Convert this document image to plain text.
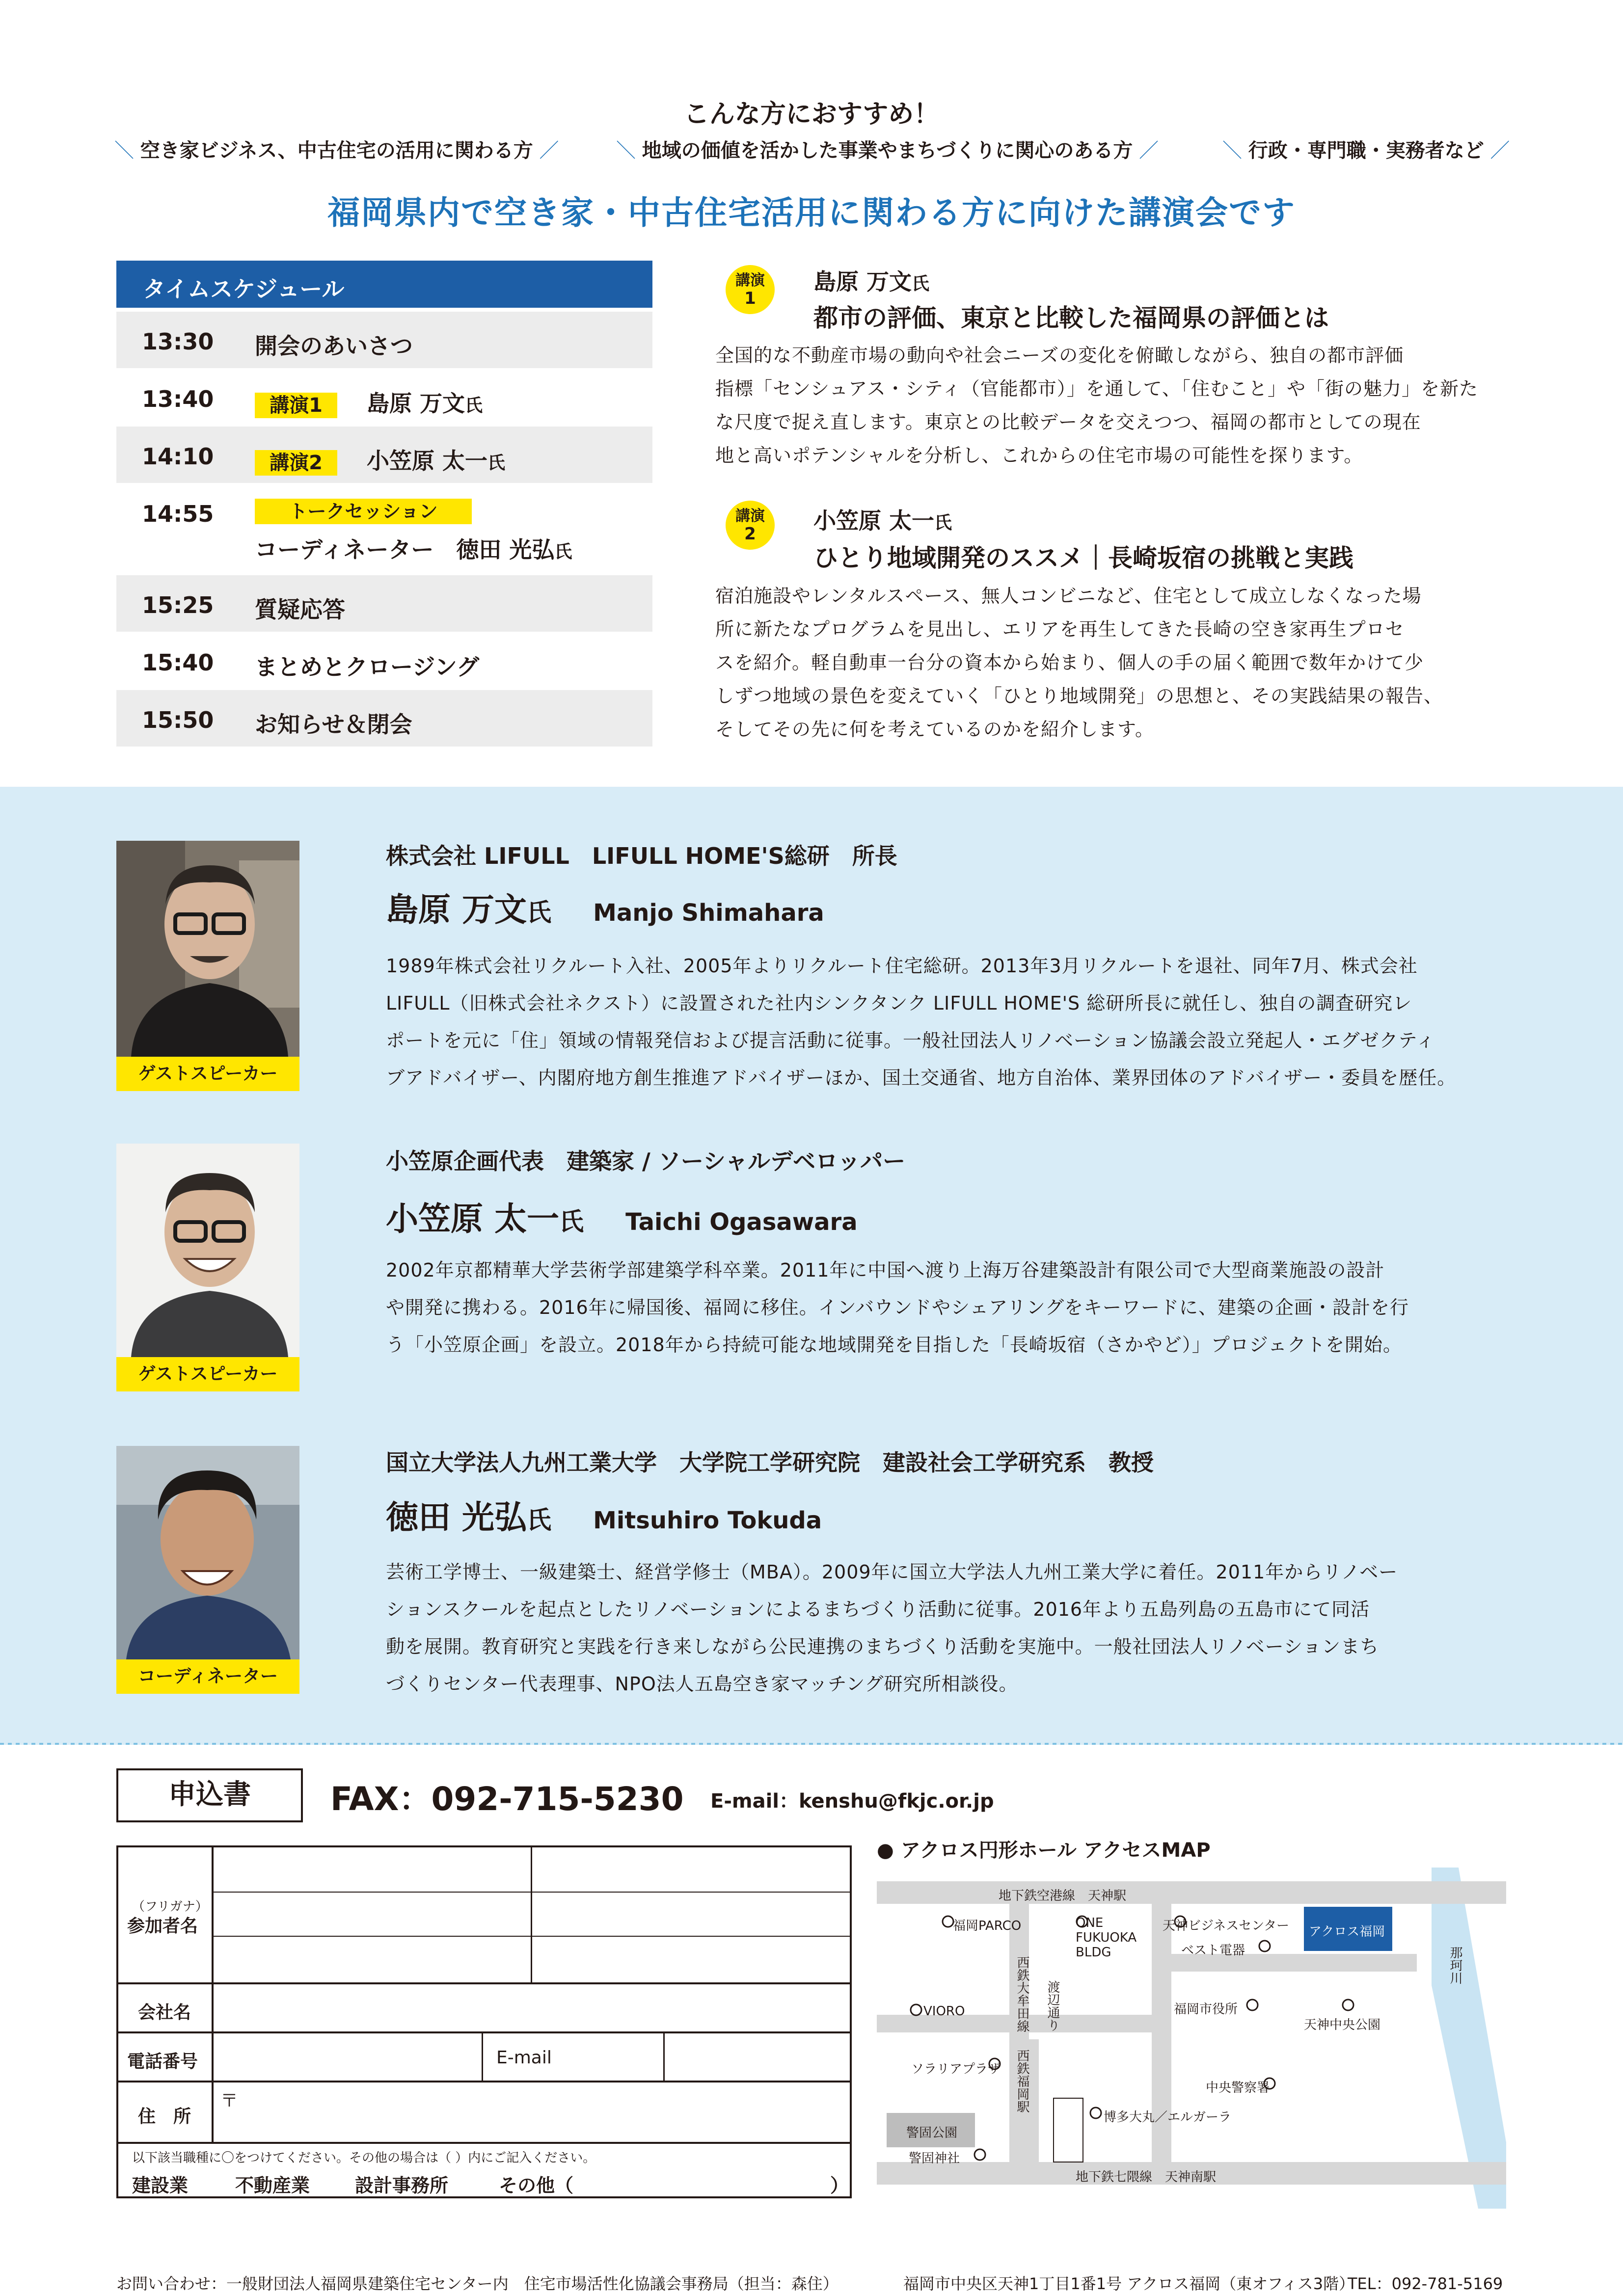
こんな方におすすめ！
＼ 空き家ビジネス、中古住宅の活用に関わる方 ／	＼ 地域の価値を活かした事業やまちづくりに関心のある方 ／	＼ 行政・専門職・実務者など ／
福岡県内で空き家・中古住宅活用に関わる方に向けた講演会です
タイムスケジュール
13:30 開会のあいさつ
13:40	講演1 島原 万文氏
14:10	講演2 小笠原 太一氏
14:55	トークセッション
コーディネーター　徳田 光弘氏
15:25 質疑応答
15:40 まとめとクロージング
15:50 お知らせ＆閉会
講演
1
島原 万文氏
都市の評価、東京と比較した福岡県の評価とは
全国的な不動産市場の動向や社会ニーズの変化を俯瞰しながら、独自の都市評価
指標「センシュアス・シティ（官能都市）」を通して、「住むこと」や「街の魅力」を新た
な尺度で捉え直します。東京との比較データを交えつつ、福岡の都市としての現在
地と高いポテンシャルを分析し、これからの住宅市場の可能性を探ります。
講演
2	小笠原 太一氏
ひとり地域開発のススメ｜長崎坂宿の挑戦と実践
宿泊施設やレンタルスペース、無人コンビニなど、住宅として成立しなくなった場
所に新たなプログラムを見出し、エリアを再生してきた長崎の空き家再生プロセ
スを紹介。軽自動車一台分の資本から始まり、個人の手の届く範囲で数年かけて少
しずつ地域の景色を変えていく「ひとり地域開発」の思想と、その実践結果の報告、
そしてその先に何を考えているのかを紹介します。
ゲストスピーカー
株式会社 LIFULL　LIFULL HOME'S総研　所長
島原 万文氏 Manjo Shimahara
1989年株式会社リクルート入社、2005年よりリクルート住宅総研。2013年3月リクルートを退社、同年7月、株式会社
LIFULL（旧株式会社ネクスト）に設置された社内シンクタンク LIFULL HOME'S 総研所長に就任し、独自の調査研究レ
ポートを元に「住」領域の情報発信および提言活動に従事。一般社団法人リノベーション協議会設立発起人・エグゼクティ
ブアドバイザー、内閣府地方創生推進アドバイザーほか、国土交通省、地方自治体、業界団体のアドバイザー・委員を歴任。
ゲストスピーカー
小笠原企画代表　建築家 / ソーシャルデベロッパー
小笠原 太一氏 Taichi Ogasawara
2002年京都精華大学芸術学部建築学科卒業。2011年に中国へ渡り上海万谷建築設計有限公司で大型商業施設の設計
や開発に携わる。2016年に帰国後、福岡に移住。インバウンドやシェアリングをキーワードに、建築の企画・設計を行
う「小笠原企画」を設立。2018年から持続可能な地域開発を目指した「長崎坂宿（さかやど）」プロジェクトを開始。
コーディネーター
国立大学法人九州工業大学　大学院工学研究院　建設社会工学研究系　教授
徳田 光弘氏 Mitsuhiro Tokuda
芸術工学博士、一級建築士、経営学修士（MBA）。2009年に国立大学法人九州工業大学に着任。2011年からリノベー
ションスクールを起点としたリノベーションによるまちづくり活動に従事。2016年より五島列島の五島市にて同活
動を展開。教育研究と実践を行き来しながら公民連携のまちづくり活動を実施中。一般社団法人リノベーションまち
づくりセンター代表理事、NPO法人五島空き家マッチング研究所相談役。
申込書	FAX：092-715-5230 E-mail：kenshu@fkjc.or.jp
（フリガナ）
参加者名
会社名
電話番号	E-mail
住　所
〒
以下該当職種に〇をつけてください。その他の場合は（ ）内にご記入ください。
建設業	不動産業 設計事務所	その他（	）
● アクロス円形ホール アクセスMAP
地下鉄空港線　天神駅
福岡PARCO	ONE
FUKUOKA
BLDG
天神ビジネスセンター アクロス福岡
ベスト電器	那珂川
VIORO	福岡市役所
天神中央公園
ソラリアプラザ
警固公園
中央警察署
博多大丸／エルガーラ
警固神社
地下鉄七隈線　天神南駅
渡辺通り
西鉄大牟田線
西鉄福岡駅
お問い合わせ：一般財団法人福岡県建築住宅センター内　住宅市場活性化協議会事務局（担当：森住）	福岡市中央区天神1丁目1番1号 アクロス福岡（東オフィス3階）
TEL：092-781-5169
